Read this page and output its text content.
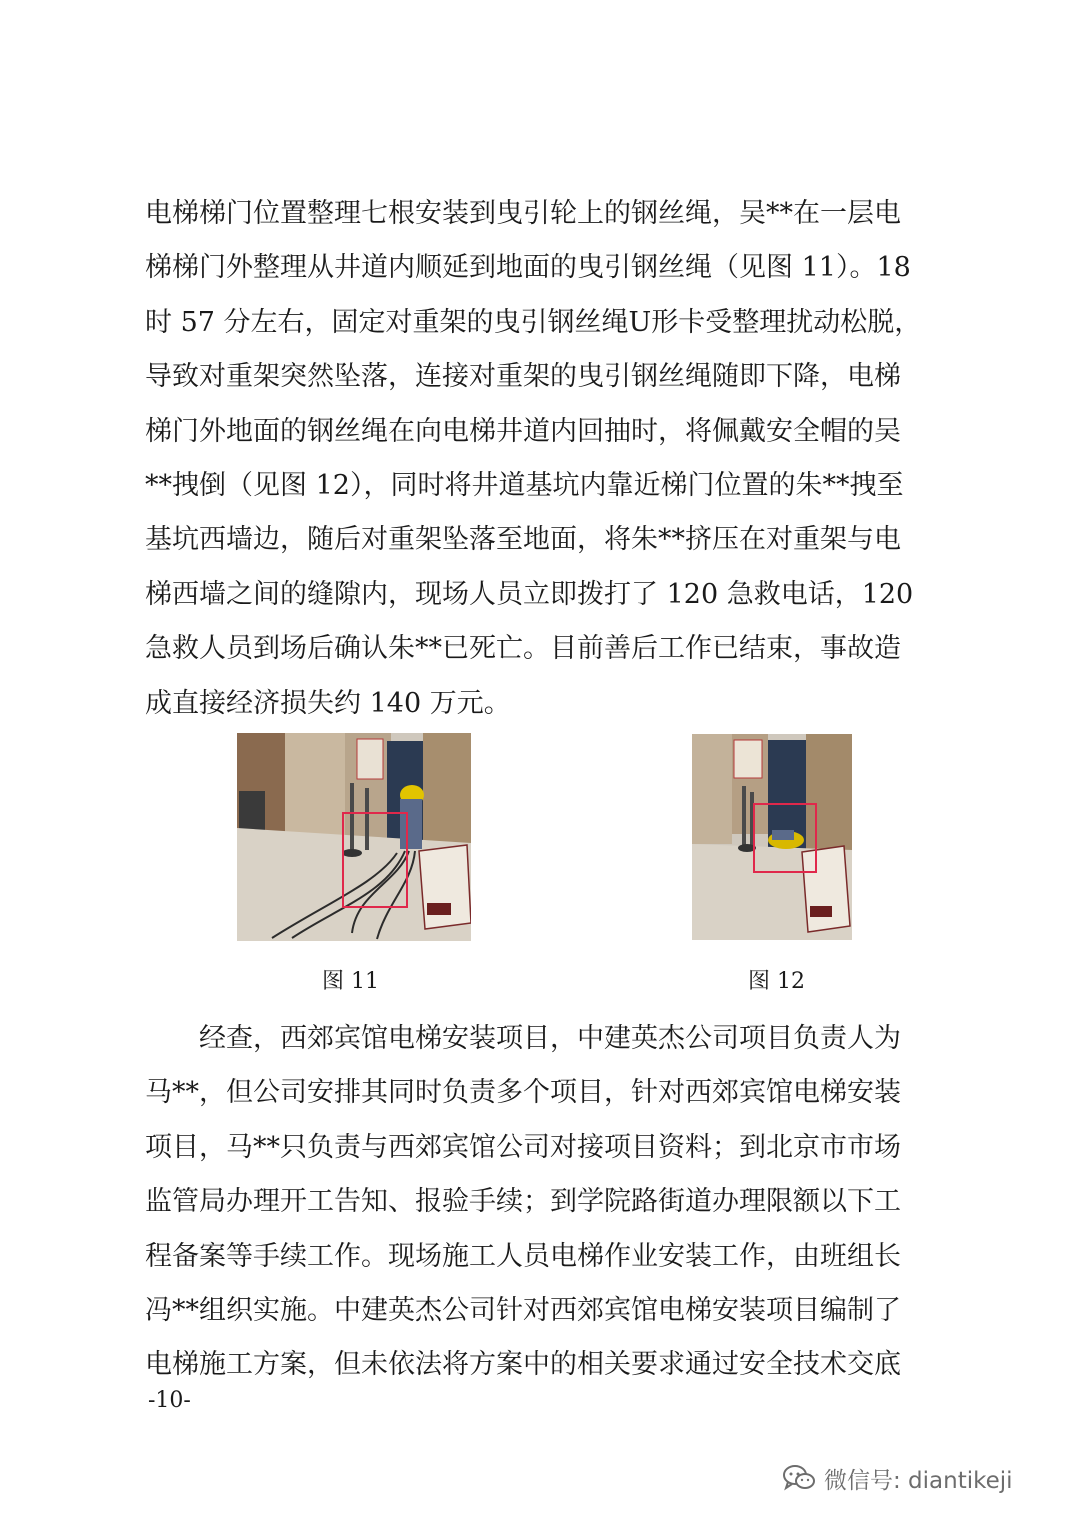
电梯梯门位置整理七根安装到曳引轮上的钢丝绳，吴**在一层电
梯梯门外整理从井道内顺延到地面的曳引钢丝绳（见图 11）。18
时 57 分左右，固定对重架的曳引钢丝绳U形卡受整理扰动松脱，
导致对重架突然坠落，连接对重架的曳引钢丝绳随即下降，电梯
梯门外地面的钢丝绳在向电梯井道内回抽时，将佩戴安全帽的吴
**拽倒（见图 12），同时将井道基坑内靠近梯门位置的朱**拽至
基坑西墙边，随后对重架坠落至地面，将朱**挤压在对重架与电
梯西墙之间的缝隙内，现场人员立即拨打了 120 急救电话，120
急救人员到场后确认朱**已死亡。目前善后工作已结束，事故造
成直接经济损失约 140 万元。
图 11	图 12
　　经查，西郊宾馆电梯安装项目，中建英杰公司项目负责人为
马**，但公司安排其同时负责多个项目，针对西郊宾馆电梯安装
项目，马**只负责与西郊宾馆公司对接项目资料；到北京市市场
监管局办理开工告知、报验手续；到学院路街道办理限额以下工
程备案等手续工作。现场施工人员电梯作业安装工作，由班组长
冯**组织实施。中建英杰公司针对西郊宾馆电梯安装项目编制了
电梯施工方案，但未依法将方案中的相关要求通过安全技术交底
-10-
微信号: diantikeji
